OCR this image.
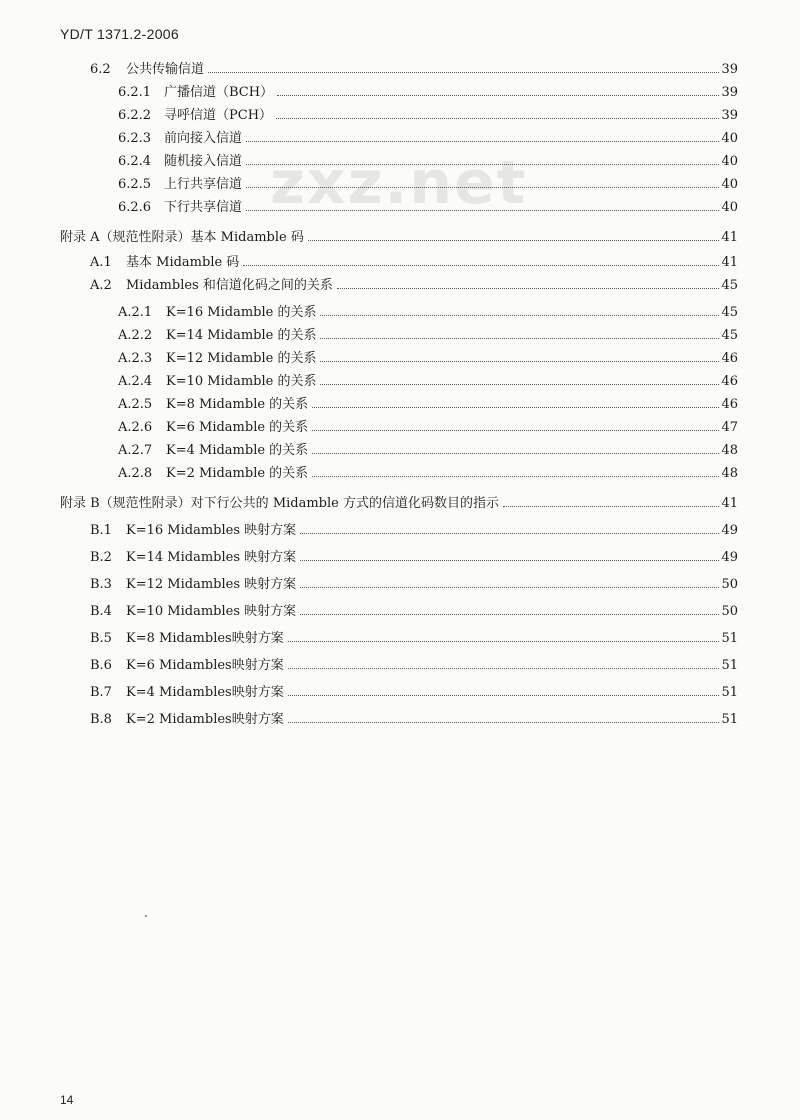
YD/T 1371.2-2006
zxz.net
6.2	公共传输信道	39
6.2.1 广播信道（BCH）	39
6.2.2 寻呼信道（PCH）	39
6.2.3 前向接入信道	40
6.2.4 随机接入信道	40
6.2.5 上行共享信道	40
6.2.6 下行共享信道	40
附录 A（规范性附录）基本 Midamble 码	41
A.1	基本 Midamble 码	41
A.2	Midambles 和信道化码之间的关系	45
A.2.1	K=16 Midamble 的关系	45
A.2.2	K=14 Midamble 的关系	45
A.2.3	K=12 Midamble 的关系	46
A.2.4	K=10 Midamble 的关系	46
A.2.5	K=8 Midamble 的关系	46
A.2.6	K=6 Midamble 的关系	47
A.2.7	K=4 Midamble 的关系	48
A.2.8	K=2 Midamble 的关系	48
附录 B（规范性附录）对下行公共的 Midamble 方式的信道化码数目的指示	41
B.1	K=16 Midambles 映射方案	49
B.2	K=14 Midambles 映射方案	49
B.3	K=12 Midambles 映射方案	50
B.4	K=10 Midambles 映射方案	50
B.5	K=8 Midambles映射方案	51
B.6	K=6 Midambles映射方案	51
B.7	K=4 Midambles映射方案	51
B.8	K=2 Midambles映射方案	51
14
